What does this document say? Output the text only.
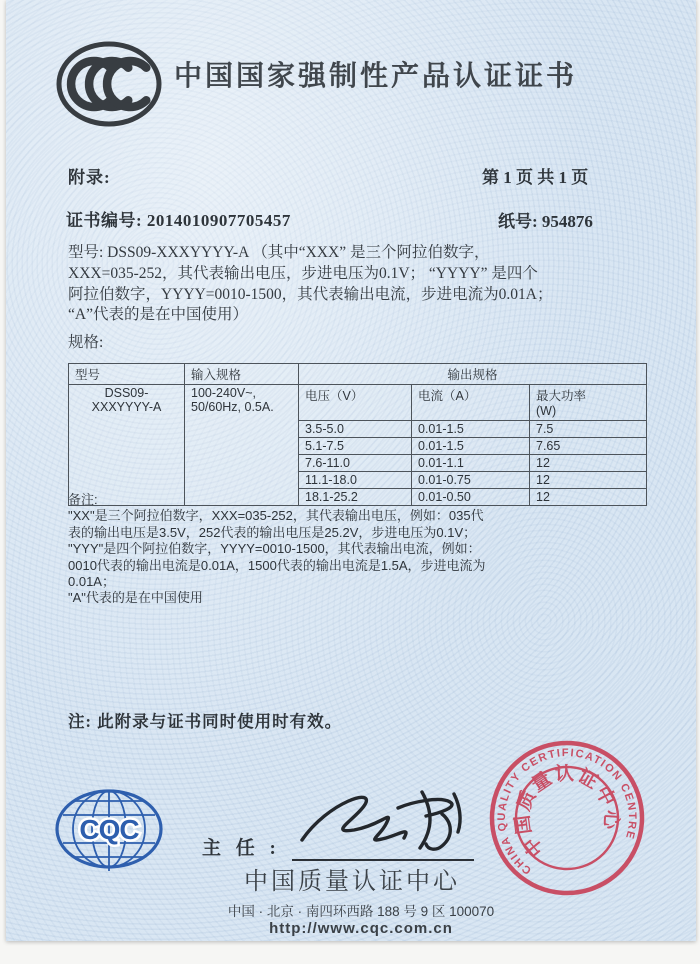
中国国家强制性产品认证证书
附录:	第 1 页 共 1 页
证书编号: 2014010907705457	纸号: 954876
型号: DSS09-XXXYYYY-A （其中“XXX” 是三个阿拉伯数字，
XXX=035-252，其代表输出电压，步进电压为0.1V； “YYYY” 是四个
阿拉伯数字，YYYY=0010-1500，其代表输出电流，步进电流为0.01A；
“A”代表的是在中国使用）
规格:
型号	输入规格	输出规格		

DSS09-
XXXYYYY-A

100-240V~,
50/60Hz, 0.5A.
	电压（V）	电流（A）	最大功率
(W)

		3.5-5.0	0.01-1.5	7.5
		5.1-7.5	0.01-1.5	7.65
		7.6-11.0	0.01-1.1	12
		11.1-18.0	0.01-0.75	12
		18.1-25.2	0.01-0.50	12
备注:
"XX"是三个阿拉伯数字，XXX=035-252，其代表输出电压，例如：035代
表的输出电压是3.5V，252代表的输出电压是25.2V，步进电压为0.1V；
"YYY"是四个阿拉伯数字，YYYY=0010-1500，其代表输出电流，例如：
0010代表的输出电流是0.01A，1500代表的输出电流是1.5A，步进电流为
0.01A；
"A"代表的是在中国使用
注: 此附录与证书同时使用时有效。
CQC
主 任 :
中国质量认证中心
中国 · 北京 · 南四环西路 188 号 9 区 100070
http://www.cqc.com.cn
CHINA QUALITY CERTIFICATION CENTRE
中国质量认证中心
